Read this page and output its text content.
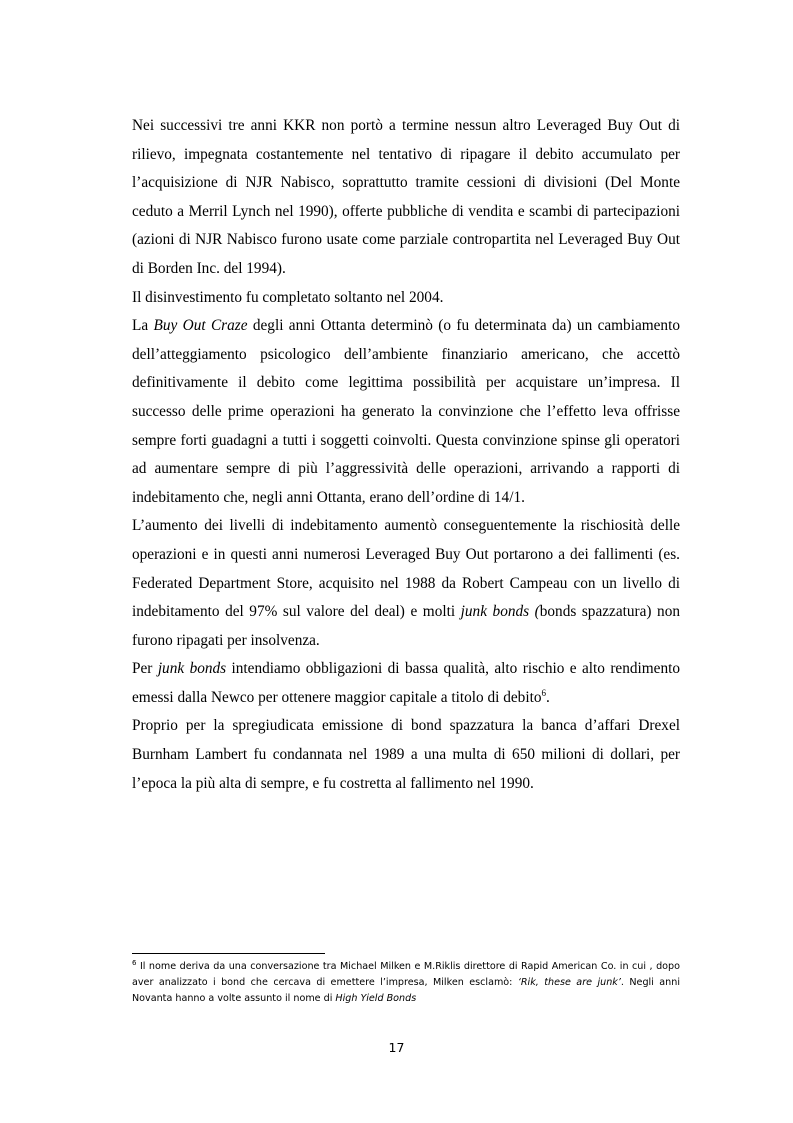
Nei successivi tre anni KKR non portò a termine nessun altro Leveraged Buy Out di rilievo, impegnata costantemente nel tentativo di ripagare il debito accumulato per l’acquisizione di NJR Nabisco, soprattutto tramite cessioni di divisioni (Del Monte ceduto a Merril Lynch nel 1990), offerte pubbliche di vendita e scambi di partecipazioni (azioni di NJR Nabisco furono usate come parziale contropartita nel Leveraged Buy Out di Borden Inc. del 1994).

Il disinvestimento fu completato soltanto nel 2004.

La Buy Out Craze degli anni Ottanta determinò (o fu determinata da) un cambiamento dell’atteggiamento psicologico dell’ambiente finanziario americano, che accettò definitivamente il debito come legittima possibilità per acquistare un’impresa. Il successo delle prime operazioni ha generato la convinzione che l’effetto leva offrisse sempre forti guadagni a tutti i soggetti coinvolti. Questa convinzione spinse gli operatori ad aumentare sempre di più l’aggressività delle operazioni, arrivando a rapporti di indebitamento che, negli anni Ottanta, erano dell’ordine di 14/1.

L’aumento dei livelli di indebitamento aumentò conseguentemente la rischiosità delle operazioni e in questi anni numerosi Leveraged Buy Out portarono a dei fallimenti (es. Federated Department Store, acquisito nel 1988 da Robert Campeau con un livello di indebitamento del 97% sul valore del deal) e molti junk bonds (bonds spazzatura) non furono ripagati per insolvenza.

Per junk bonds intendiamo obbligazioni di bassa qualità, alto rischio e alto rendimento emessi dalla Newco per ottenere maggior capitale a titolo di debito$^6$.

Proprio per la spregiudicata emissione di bond spazzatura la banca d’affari Drexel Burnham Lambert fu condannata nel 1989 a una multa di 650 milioni di dollari, per l’epoca la più alta di sempre, e fu costretta al fallimento nel 1990.

$^6$ Il nome deriva da una conversazione tra Michael Milken e M.Riklis direttore di Rapid American Co. in cui , dopo aver analizzato i bond che cercava di emettere l’impresa, Milken esclamò: ‘Rik, these are junk’. Negli anni Novanta hanno a volte assunto il nome di High Yield Bonds
17
